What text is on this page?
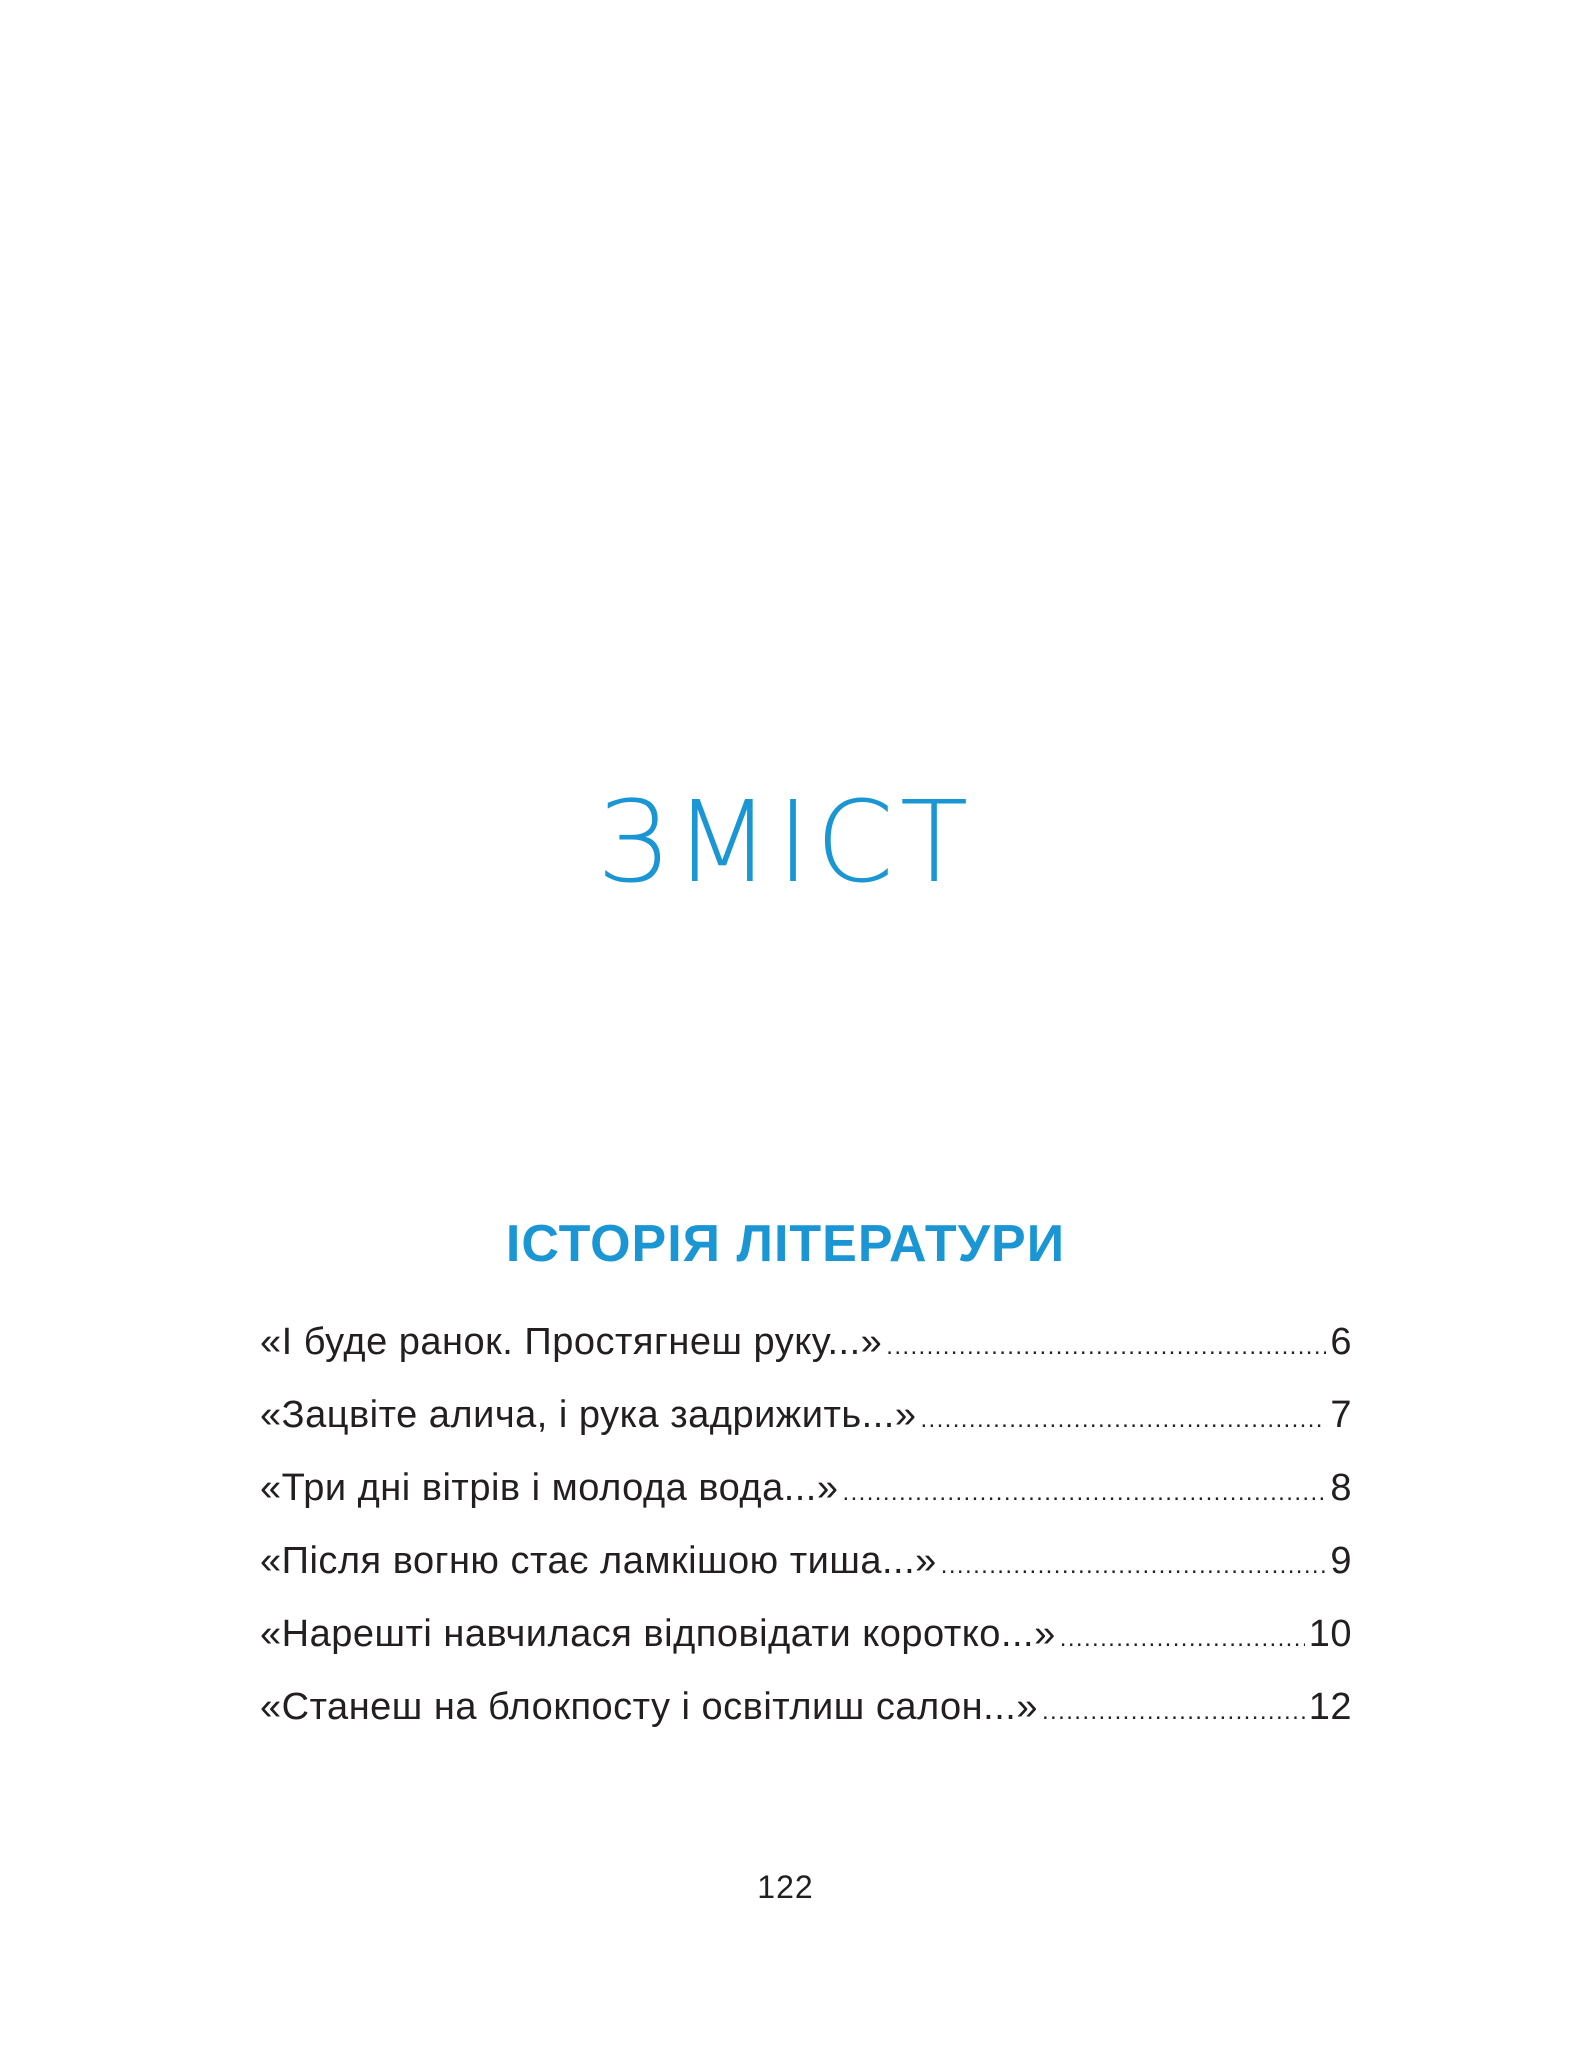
ЗМІСТ
ІСТОРІЯ ЛІТЕРАТУРИ
«І буде ранок. Простягнеш руку...» .....	6
«Зацвіте алича, і рука задрижить...» .....	7
«Три дні вітрів і молода вода...» .....	8
«Після вогню стає ламкішою тиша...» .....	9
«Нарешті навчилася відповідати коротко...» .....	10
«Станеш на блокпосту і освітлиш салон...» .....	12
122
